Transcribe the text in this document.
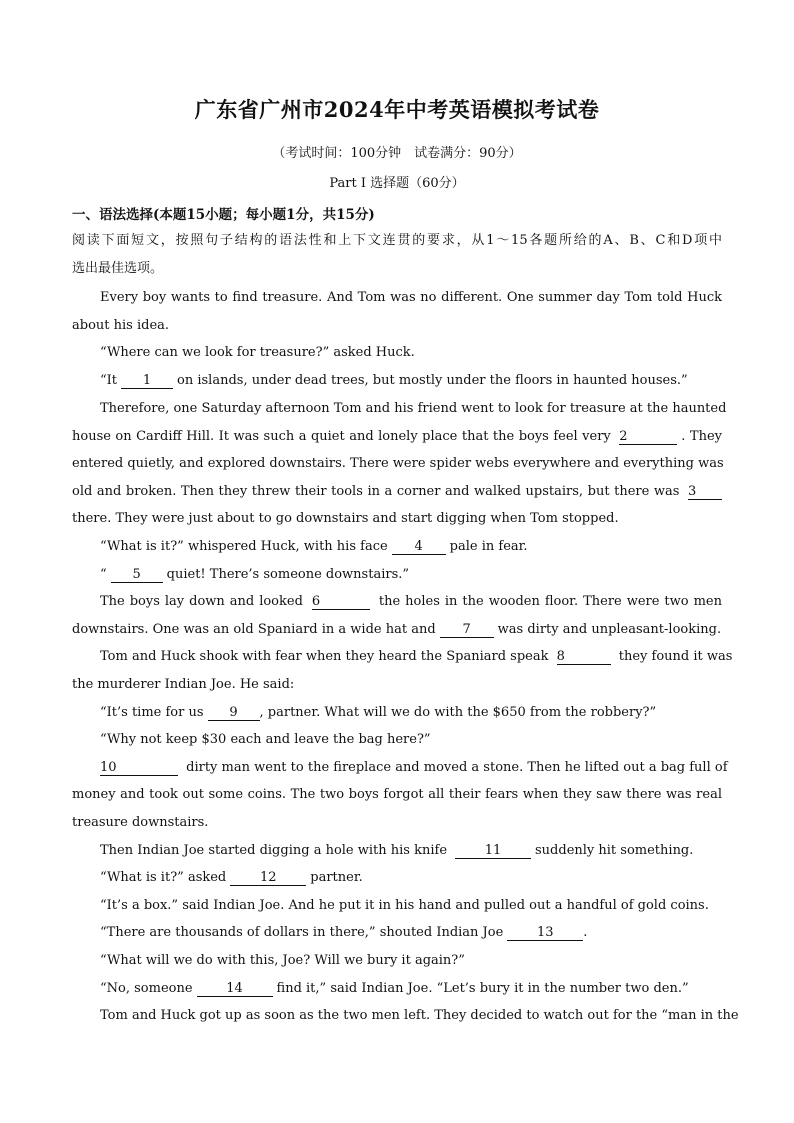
广东省广州市2024年中考英语模拟考试卷
（考试时间：100分钟　试卷满分：90分）
Part I 选择题（60分）
一、语法选择(本题15小题；每小题1分，共15分)
阅读下面短文，按照句子结构的语法性和上下文连贯的要求，从1～15各题所给的A、B、C和D项中
选出最佳选项。
Every boy wants to find treasure. And Tom was no different. One summer day Tom told Huck
about his idea.
“Where can we look for treasure?” asked Huck.
“It 1 on islands, under dead trees, but mostly under the floors in haunted houses.”
Therefore, one Saturday afternoon Tom and his friend went to look for treasure at the haunted
house on Cardiff Hill. It was such a quiet and lonely place that the boys feel very 2	. They
entered quietly, and explored downstairs. There were spider webs everywhere and everything was
old and broken. Then they threw their tools in a corner and walked upstairs, but there was 3
there. They were just about to go downstairs and start digging when Tom stopped.
“What is it?” whispered Huck, with his face 4 pale in fear.
“ 5 quiet! There’s someone downstairs.”
The boys lay down and looked 6	the holes in the wooden floor. There were two men
downstairs. One was an old Spaniard in a wide hat and 7 was dirty and unpleasant-looking.
Tom and Huck shook with fear when they heard the Spaniard speak 8	they found it was
the murderer Indian Joe. He said:
“It’s time for us 9 , partner. What will we do with the $650 from the robbery?”
“Why not keep $30 each and leave the bag here?”
10	dirty man went to the fireplace and moved a stone. Then he lifted out a bag full of
money and took out some coins. The two boys forgot all their fears when they saw there was real
treasure downstairs.
Then Indian Joe started digging a hole with his knife	11	suddenly hit something.
“What is it?” asked	12	partner.
“It’s a box.” said Indian Joe. And he put it in his hand and pulled out a handful of gold coins.
“There are thousands of dollars in there,” shouted Indian Joe	13 .
“What will we do with this, Joe? Will we bury it again?”
“No, someone	14	find it,” said Indian Joe. “Let’s bury it in the number two den.”
Tom and Huck got up as soon as the two men left. They decided to watch out for the “man in the
